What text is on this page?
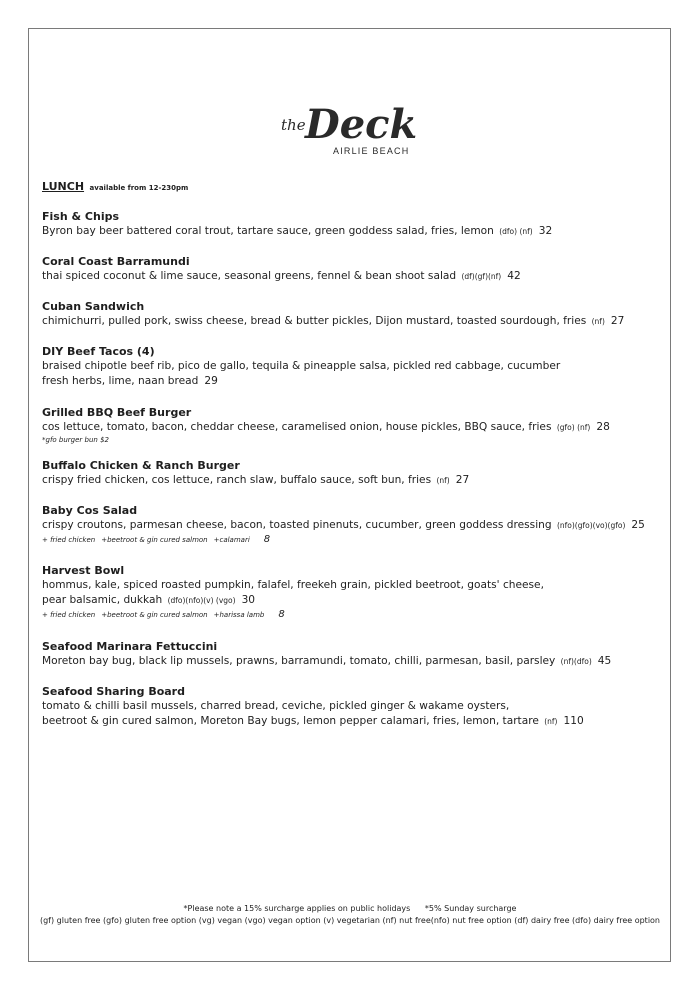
the Deck
AIRLIE BEACH
LUNCH available from 12-230pm
Fish & Chips
Byron bay beer battered coral trout, tartare sauce, green goddess salad, fries, lemon (dfo) (nf) 32
Coral Coast Barramundi
thai spiced coconut & lime sauce, seasonal greens, fennel & bean shoot salad (df)(gf)(nf) 42
Cuban Sandwich
chimichurri, pulled pork, swiss cheese, bread & butter pickles, Dijon mustard, toasted sourdough, fries (nf) 27
DIY Beef Tacos (4)
braised chipotle beef rib, pico de gallo, tequila & pineapple salsa, pickled red cabbage, cucumber
fresh herbs, lime, naan bread 29
Grilled BBQ Beef Burger
cos lettuce, tomato, bacon, cheddar cheese, caramelised onion, house pickles, BBQ sauce, fries (gfo) (nf) 28
*gfo burger bun $2
Buffalo Chicken & Ranch Burger
crispy fried chicken, cos lettuce, ranch slaw, buffalo sauce, soft bun, fries (nf) 27
Baby Cos Salad
crispy croutons, parmesan cheese, bacon, toasted pinenuts, cucumber, green goddess dressing (nfo)(gfo)(vo)(gfo) 25
+ fried chicken +beetroot & gin cured salmon +calamari 8
Harvest Bowl
hommus, kale, spiced roasted pumpkin, falafel, freekeh grain, pickled beetroot, goats' cheese,
pear balsamic, dukkah (dfo)(nfo)(v) (vgo) 30
+ fried chicken +beetroot & gin cured salmon +harissa lamb 8
Seafood Marinara Fettuccini
Moreton bay bug, black lip mussels, prawns, barramundi, tomato, chilli, parmesan, basil, parsley (nf)(dfo) 45
Seafood Sharing Board
tomato & chilli basil mussels, charred bread, ceviche, pickled ginger & wakame oysters,
beetroot & gin cured salmon, Moreton Bay bugs, lemon pepper calamari, fries, lemon, tartare (nf) 110
*Please note a 15% surcharge applies on public holidays *5% Sunday surcharge
(gf) gluten free (gfo) gluten free option (vg) vegan (vgo) vegan option (v) vegetarian (nf) nut free(nfo) nut free option (df) dairy free (dfo) dairy free option
